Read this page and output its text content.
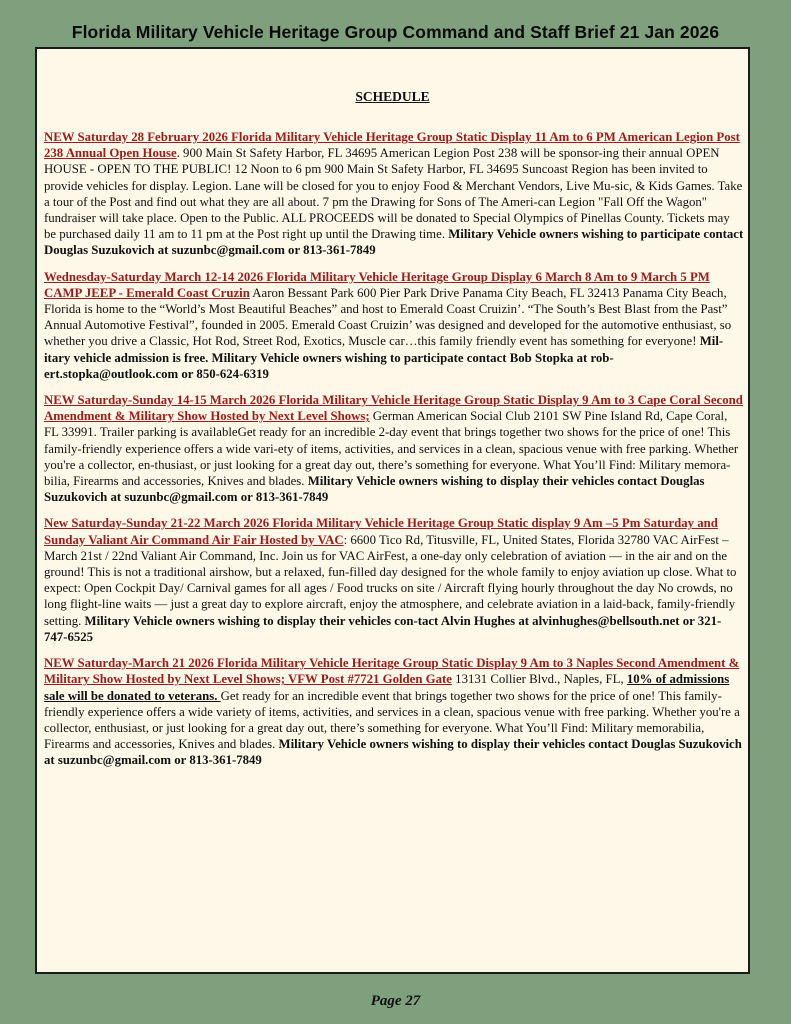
Florida Military Vehicle Heritage Group Command and Staff Brief 21 Jan 2026
SCHEDULE

NEW Saturday 28 February 2026 Florida Military Vehicle Heritage Group Static Display 11 Am to 6 PM American Legion Post 238 Annual Open House. 900 Main St Safety Harbor, FL 34695 American Legion Post 238 will be sponsor-ing their annual OPEN HOUSE - OPEN TO THE PUBLIC! 12 Noon to 6 pm 900 Main St Safety Harbor, FL 34695 Suncoast Region has been invited to provide vehicles for display. Legion. Lane will be closed for you to enjoy Food & Merchant Vendors, Live Mu-sic, & Kids Games. Take a tour of the Post and find out what they are all about. 7 pm the Drawing for Sons of The Ameri-can Legion "Fall Off the Wagon" fundraiser will take place. Open to the Public. ALL PROCEEDS will be donated to Special Olympics of Pinellas County. Tickets may be purchased daily 11 am to 11 pm at the Post right up until the Drawing time. Military Vehicle owners wishing to participate contact Douglas Suzukovich at suzunbc@gmail.com or 813-361-7849

Wednesday-Saturday March 12-14 2026 Florida Military Vehicle Heritage Group Display 6 March 8 Am to 9 March 5 PM CAMP JEEP - Emerald Coast Cruzin Aaron Bessant Park 600 Pier Park Drive Panama City Beach, FL 32413 Panama City Beach, Florida is home to the “World’s Most Beautiful Beaches” and host to Emerald Coast Cruizin’. “The South’s Best Blast from the Past” Annual Automotive Festival”, founded in 2005. Emerald Coast Cruizin’ was designed and developed for the automotive enthusiast, so whether you drive a Classic, Hot Rod, Street Rod, Exotics, Muscle car…this family friendly event has something for everyone! Mil-itary vehicle admission is free. Military Vehicle owners wishing to participate contact Bob Stopka at rob-ert.stopka@outlook.com or 850-624-6319

NEW Saturday-Sunday 14-15 March 2026 Florida Military Vehicle Heritage Group Static Display 9 Am to 3 Cape Coral Second Amendment & Military Show Hosted by Next Level Shows; German American Social Club 2101 SW Pine Island Rd, Cape Coral, FL 33991. Trailer parking is availableGet ready for an incredible 2-day event that brings together two shows for the price of one! This family-friendly experience offers a wide vari-ety of items, activities, and services in a clean, spacious venue with free parking. Whether you're a collector, en-thusiast, or just looking for a great day out, there’s something for everyone. What You’ll Find: Military memora-bilia, Firearms and accessories, Knives and blades. Military Vehicle owners wishing to display their vehicles contact Douglas Suzukovich at suzunbc@gmail.com or 813-361-7849

New Saturday-Sunday 21-22 March 2026 Florida Military Vehicle Heritage Group Static display 9 Am –5 Pm Saturday and Sunday Valiant Air Command Air Fair Hosted by VAC: 6600 Tico Rd, Titusville, FL, United States, Florida 32780 VAC AirFest – March 21st / 22nd Valiant Air Command, Inc. Join us for VAC AirFest, a one-day only celebration of aviation — in the air and on the ground! This is not a traditional airshow, but a relaxed, fun-filled day designed for the whole family to enjoy aviation up close. What to expect: Open Cockpit Day/ Carnival games for all ages / Food trucks on site / Aircraft flying hourly throughout the day No crowds, no long flight-line waits — just a great day to explore aircraft, enjoy the atmosphere, and celebrate aviation in a laid-back, family-friendly setting. Military Vehicle owners wishing to display their vehicles con-tact Alvin Hughes at alvinhughes@bellsouth.net or 321-747-6525

NEW Saturday-March 21 2026 Florida Military Vehicle Heritage Group Static Display 9 Am to 3 Naples Second Amendment & Military Show Hosted by Next Level Shows; VFW Post #7721 Golden Gate 13131 Collier Blvd., Naples, FL, 10% of admissions sale will be donated to veterans. Get ready for an incredible event that brings together two shows for the price of one! This family-friendly experience offers a wide variety of items, activities, and services in a clean, spacious venue with free parking. Whether you're a collector, enthusiast, or just looking for a great day out, there’s something for everyone. What You’ll Find: Military memorabilia, Firearms and accessories, Knives and blades. Military Vehicle owners wishing to display their vehicles contact Douglas Suzukovich at suzunbc@gmail.com or 813-361-7849

Page 27
